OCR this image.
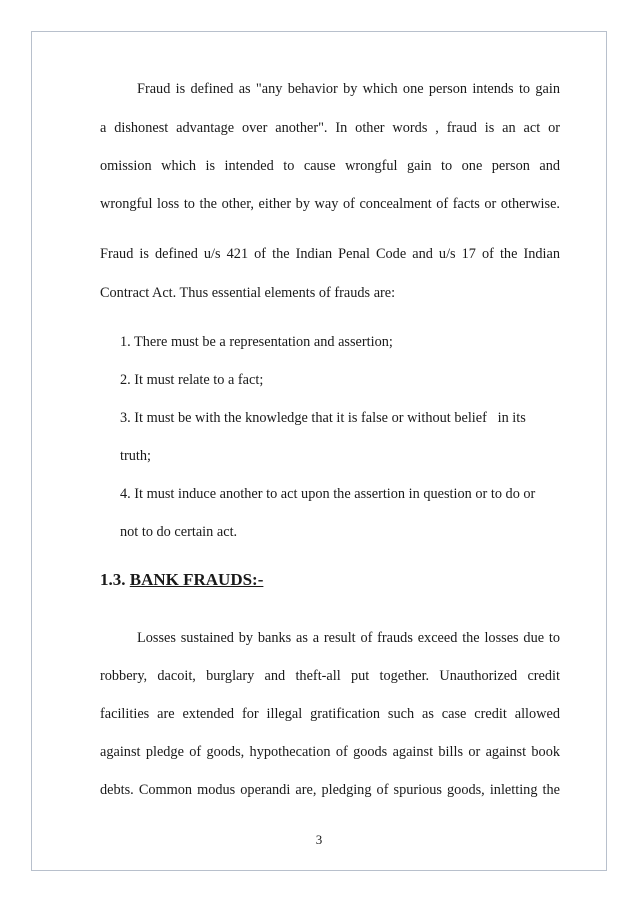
Fraud is defined as "any behavior by which one person intends to gain
a dishonest advantage over another". In other words , fraud is an act or
omission which is intended to cause wrongful gain to one person and
wrongful loss to the other, either by way of concealment of facts or otherwise.
Fraud is defined u/s 421 of the Indian Penal Code and u/s 17 of the Indian
Contract Act. Thus essential elements of frauds are:
1. There must be a representation and assertion;
2. It must relate to a fact;
3. It must be with the knowledge that it is false or without belief   in its
truth;
4. It must induce another to act upon the assertion in question or to do or
not to do certain act.
1.3. BANK FRAUDS:-
Losses sustained by banks as a result of frauds exceed the losses due to
robbery, dacoit, burglary and theft-all put together. Unauthorized credit
facilities are extended for illegal gratification such as case credit allowed
against pledge of goods, hypothecation of goods against bills or against book
debts. Common modus operandi are, pledging of spurious goods, inletting the
3
